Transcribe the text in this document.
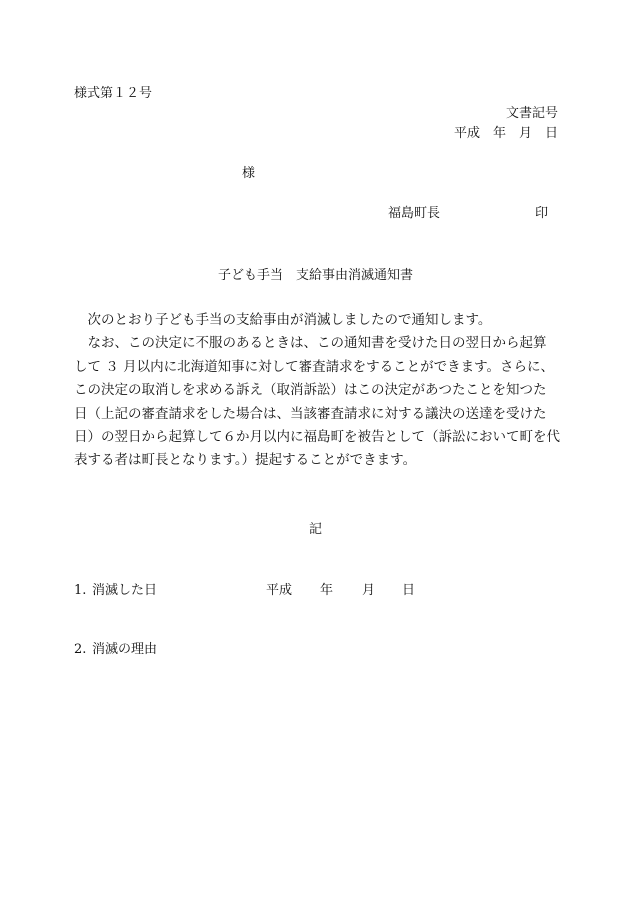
様式第１２号
文書記号
平成　年　月　日
様
福島町長	印
子ども手当　支給事由消滅通知書
　次のとおり子ども手当の支給事由が消滅しましたので通知します。
　なお、この決定に不服のあるときは、この通知書を受けた日の翌日から起算
して ３ 月以内に北海道知事に対して審査請求をすることができます。さらに、
この決定の取消しを求める訴え（取消訴訟）はこの決定があつたことを知つた
日（上記の審査請求をした場合は、当該審査請求に対する議決の送達を受けた
日）の翌日から起算して６か月以内に福島町を被告として（訴訟において町を代
表する者は町長となります。）提起することができます。
記
1. 消滅した日	平成 年 月 日
2. 消滅の理由
